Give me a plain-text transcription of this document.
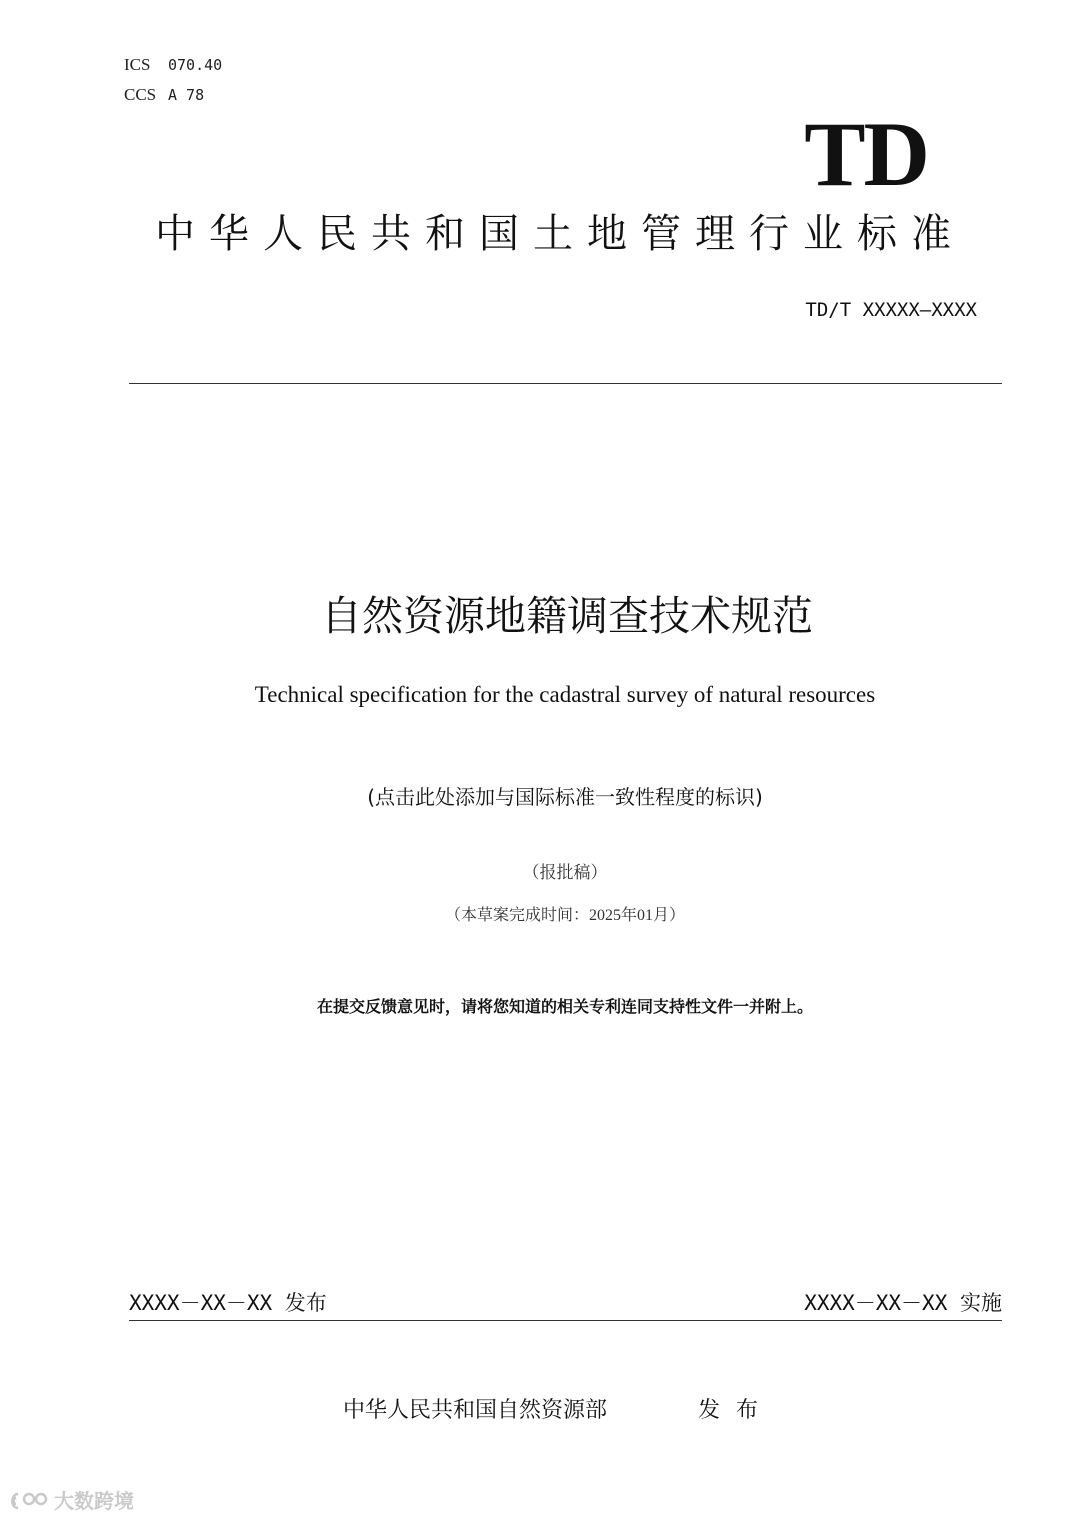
ICS 070.40
CCS A 78
TD
中华人民共和国土地管理行业标准
TD/T XXXXX—XXXX
自然资源地籍调查技术规范
Technical specification for the cadastral survey of natural resources
(点击此处添加与国际标准一致性程度的标识)
（报批稿）
（本草案完成时间：2025年01月）
在提交反馈意见时，请将您知道的相关专利连同支持性文件一并附上。
XXXX－XX－XX 发布	XXXX－XX－XX 实施
中华人民共和国自然资源部	发布
大数跨境
